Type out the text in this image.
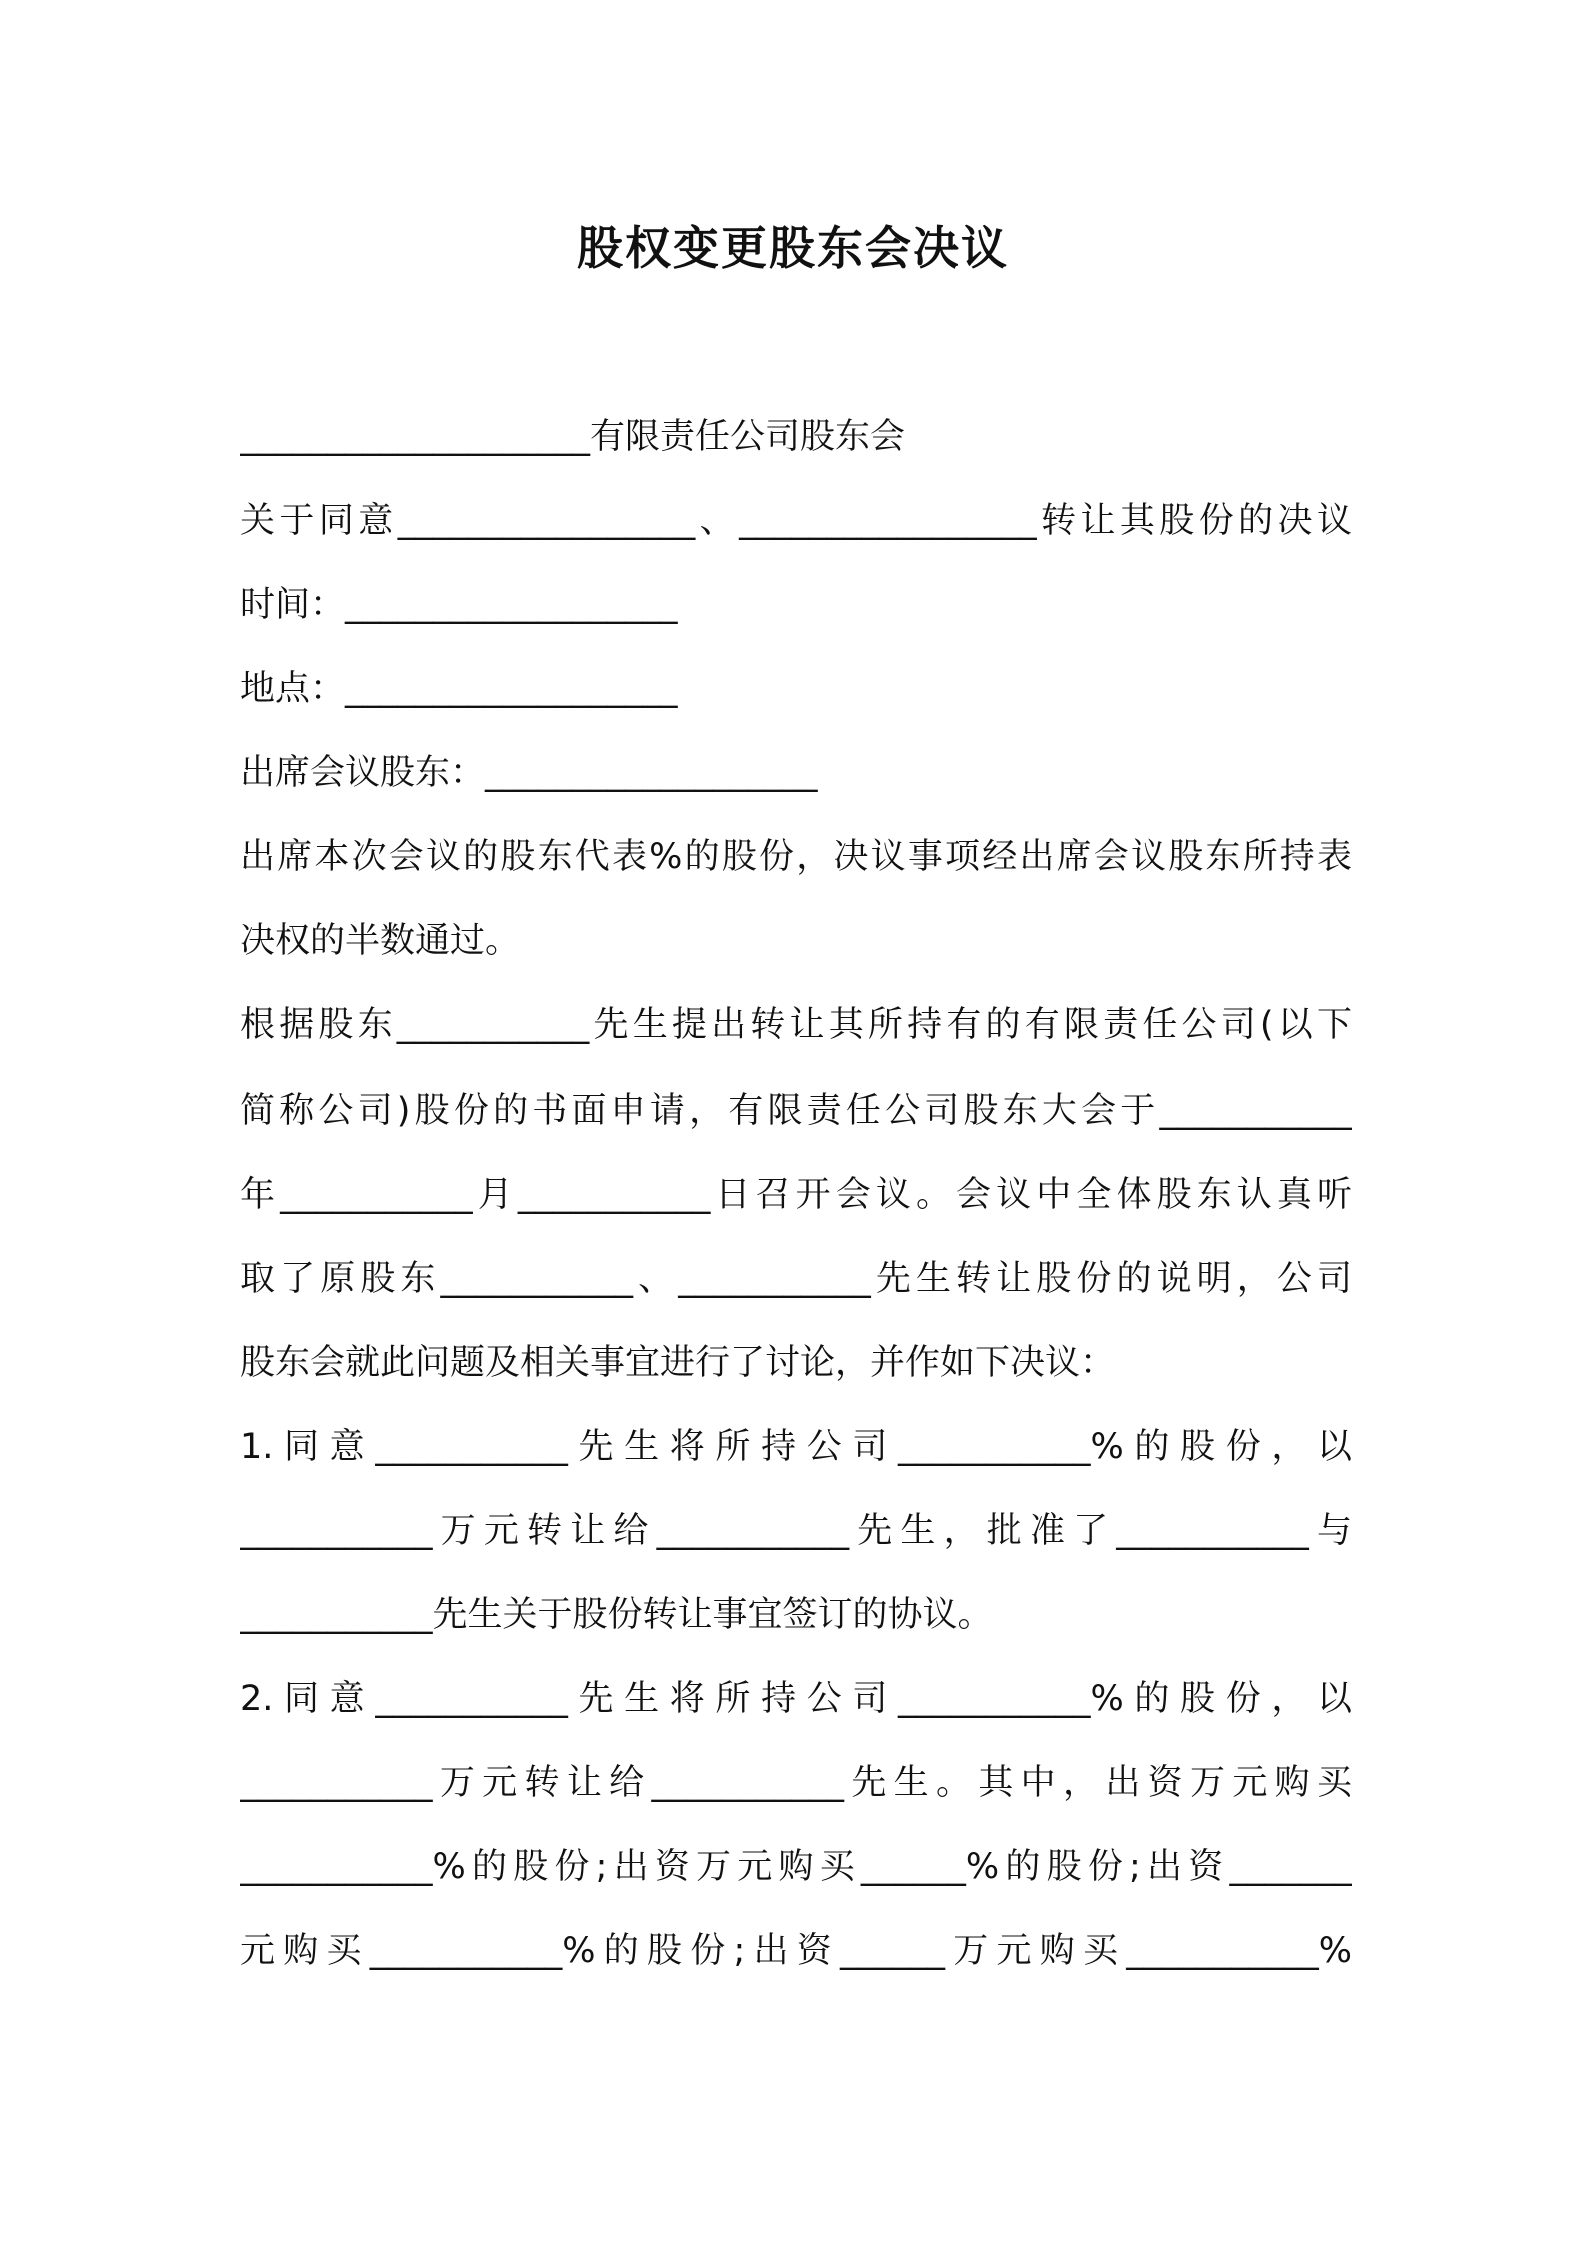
股权变更股东会决议
____________________有限责任公司股东会
关于同意_________________、_________________转让其股份的决议
时间：___________________
地点：___________________
出席会议股东：___________________
出席本次会议的股东代表%的股份，决议事项经出席会议股东所持表
决权的半数通过。
根据股东___________先生提出转让其所持有的有限责任公司(以下
简称公司)股份的书面申请，有限责任公司股东大会于___________
年___________月___________日召开会议。会议中全体股东认真听
取了原股东___________、___________先生转让股份的说明，公司
股东会就此问题及相关事宜进行了讨论，并作如下决议：
1.同意___________先生将所持公司___________%的股份，以
___________万元转让给___________先生，批准了___________与
___________先生关于股份转让事宜签订的协议。
2.同意___________先生将所持公司___________%的股份，以
___________万元转让给___________先生。其中，出资万元购买
___________%的股份;出资万元购买______%的股份;出资_______
元购买___________%的股份;出资______万元购买___________%
